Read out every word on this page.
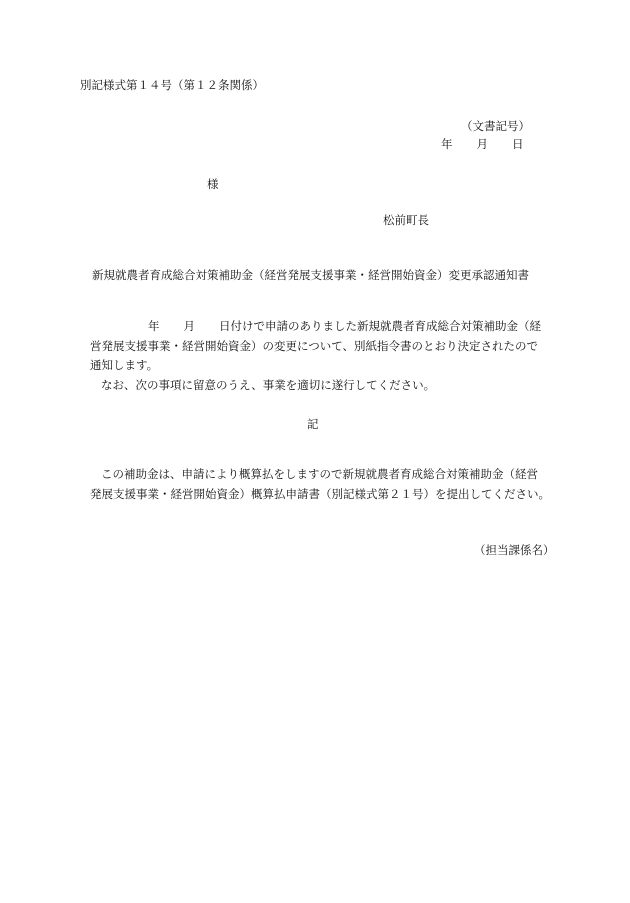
別記様式第１４号（第１２条関係）
（文書記号）
年 月 日
様
松前町長
新規就農者育成総合対策補助金（経営発展支援事業・経営開始資金）変更承認通知書
年 月 日付けで申請のありました新規就農者育成総合対策補助金（経
営発展支援事業・経営開始資金）の変更について、別紙指令書のとおり決定されたので
通知します。
なお、次の事項に留意のうえ、事業を適切に遂行してください。
記
この補助金は、申請により概算払をしますので新規就農者育成総合対策補助金（経営
発展支援事業・経営開始資金）概算払申請書（別記様式第２１号）を提出してください。
（担当課係名）
